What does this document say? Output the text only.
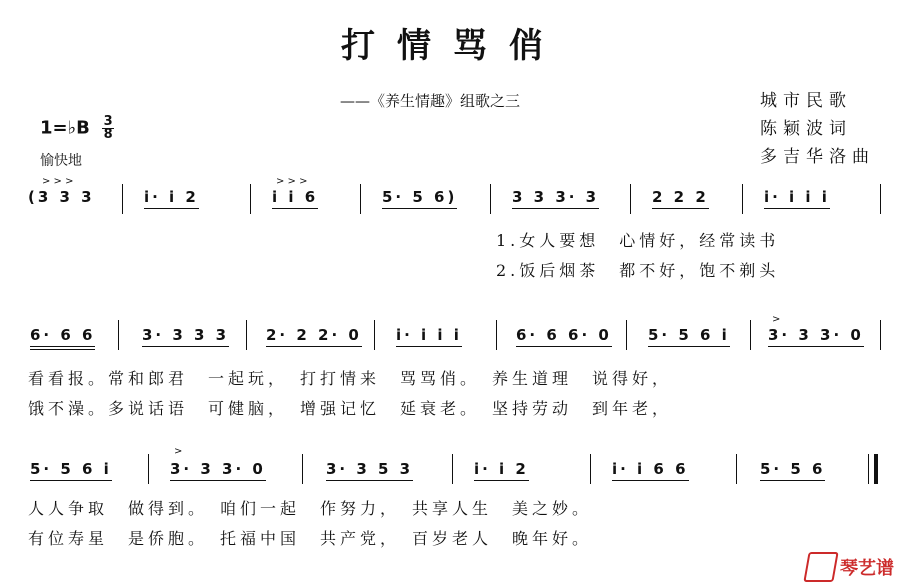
打情骂俏
——《养生情趣》组歌之三	城市民歌
陈颖波词
多吉华洛曲
1=♭B $\frac{3}{8}$
愉快地
> > >
(3 3 3	i· i 2
> > >
i i 6	5· 5 6)	3 3 3· 3	2 2 2	i· i i i
1.女人要想　心情好，经常读书
2.饭后烟茶　都不好，饱不剃头
6· 6 6	3· 3 3 3 2· 2 2· 0 i· i i i	6· 6 6· 0 5· 5 6 i
>
3· 3 3· 0
看看报。常和郎君　一起玩，　打打情来　骂骂俏。　养生道理　说得好，
饿不澡。多说话语　可健脑，　增强记忆　延衰老。　坚持劳动　到年老，
5· 5 6 i
>
3· 3 3· 0	3· 3 5 3	i· i 2	i· i 6 6	5· 5 6
人人争取　做得到。　咱们一起　作努力，　共享人生　美之妙。
有位寿星　是侨胞。　托福中国　共产党，　百岁老人　晚年好。
琴艺谱
